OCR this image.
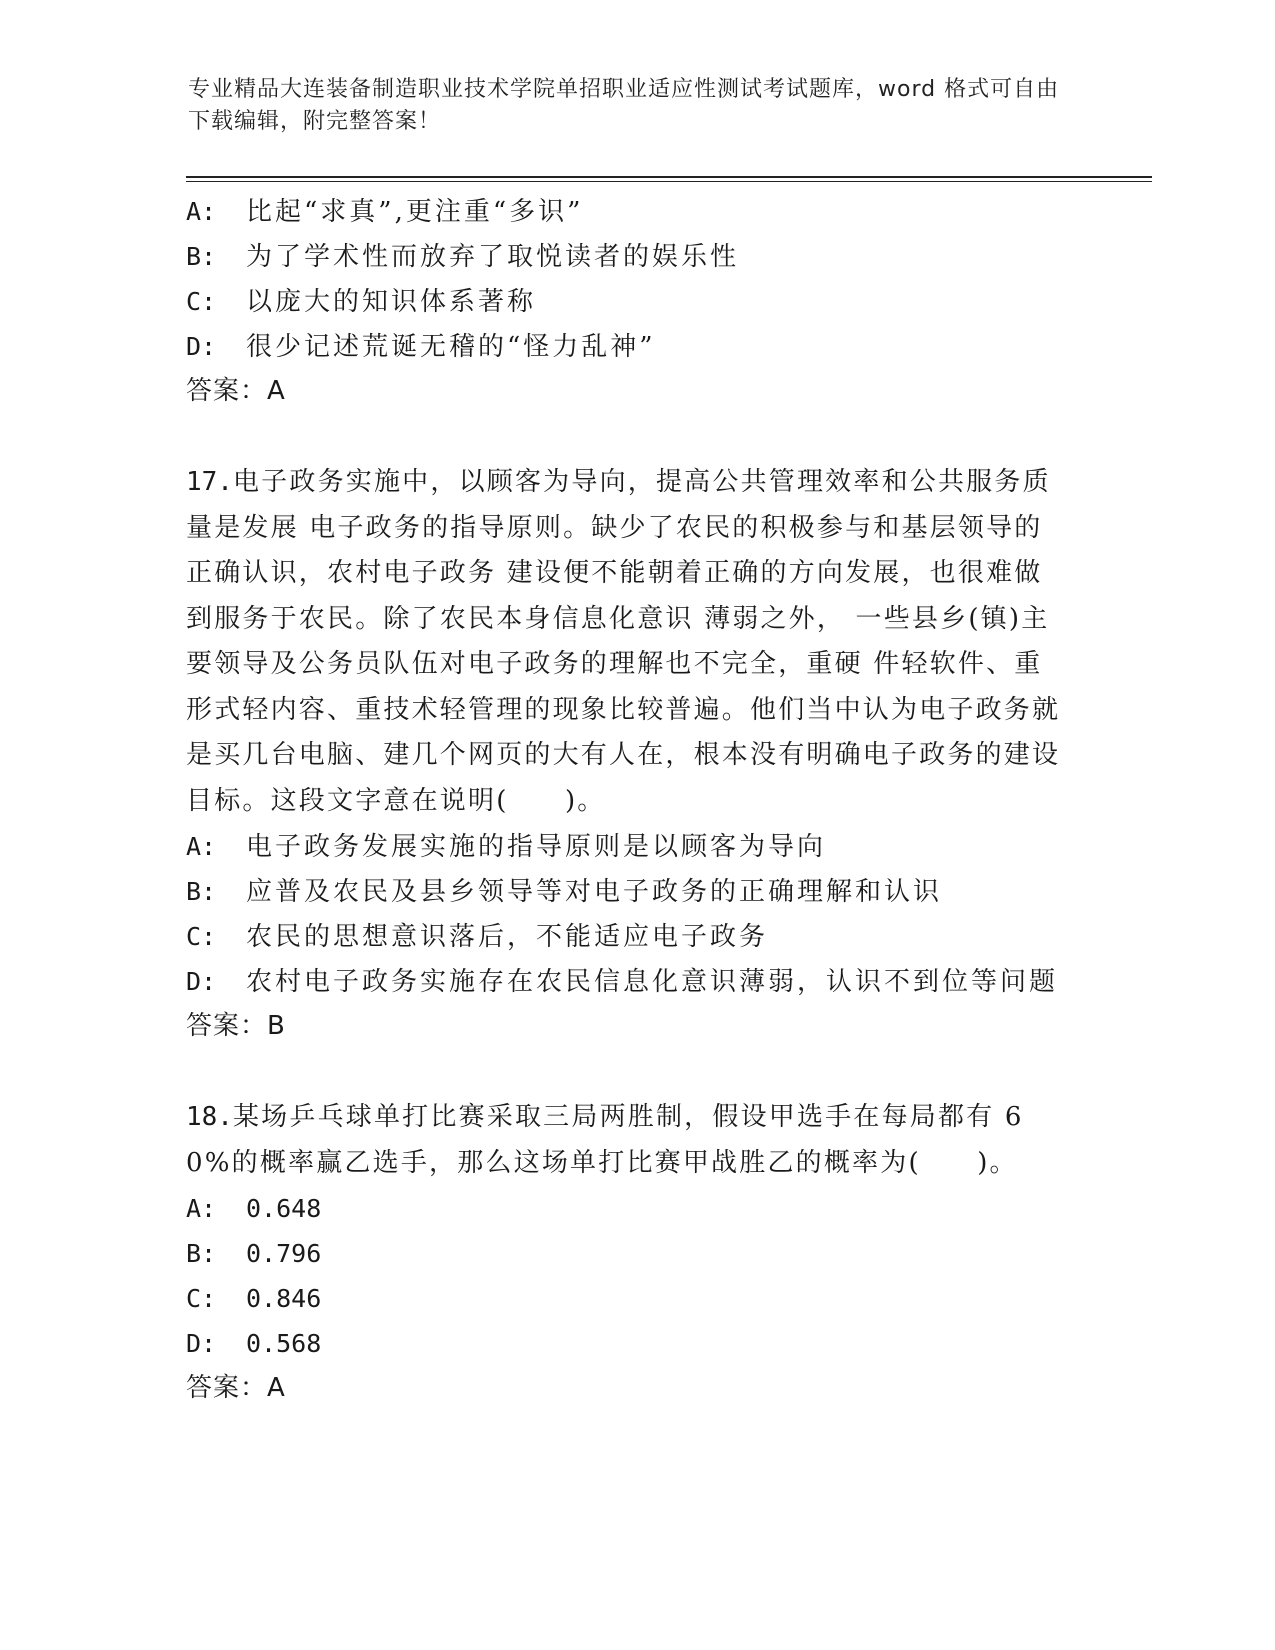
专业精品大连装备制造职业技术学院单招职业适应性测试考试题库，word 格式可自由下载编辑，附完整答案！
A: 比起“求真”,更注重“多识”
B: 为了学术性而放弃了取悦读者的娱乐性
C: 以庞大的知识体系著称
D: 很少记述荒诞无稽的“怪力乱神”
答案：A

17.电子政务实施中，以顾客为导向，提高公共管理效率和公共服务质量是发展 电子政务的指导原则。缺少了农民的积极参与和基层领导的正确认识，农村电子政务 建设便不能朝着正确的方向发展，也很难做到服务于农民。除了农民本身信息化意识 薄弱之外， 一些县乡(镇)主要领导及公务员队伍对电子政务的理解也不完全，重硬 件轻软件、重形式轻内容、重技术轻管理的现象比较普遍。他们当中认为电子政务就 是买几台电脑、建几个网页的大有人在，根本没有明确电子政务的建设目标。这段文字意在说明(　　)。

A: 电子政务发展实施的指导原则是以顾客为导向
B: 应普及农民及县乡领导等对电子政务的正确理解和认识
C: 农民的思想意识落后，不能适应电子政务
D: 农村电子政务实施存在农民信息化意识薄弱，认识不到位等问题
答案：B

18.某场乒乓球单打比赛采取三局两胜制，假设甲选手在每局都有 60%的概率赢乙选手，那么这场单打比赛甲战胜乙的概率为(　　)。

A: 0.648
B: 0.796
C: 0.846
D: 0.568
答案：A
